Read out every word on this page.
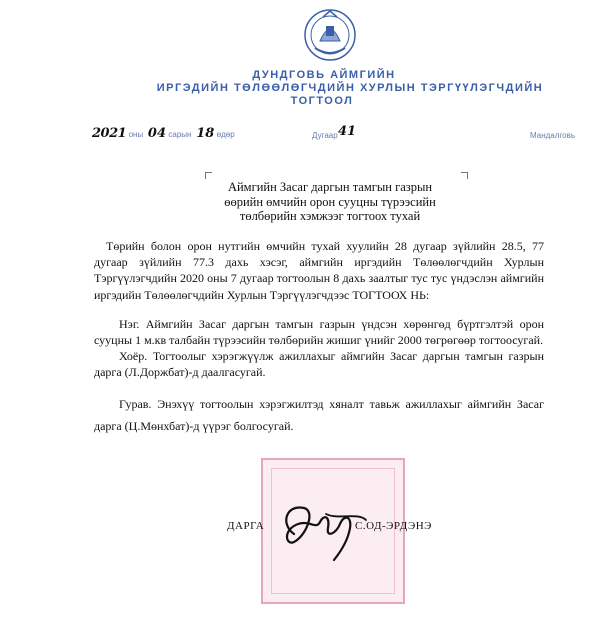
ДУНДГОВЬ АЙМГИЙН
ИРГЭДИЙН ТӨЛӨӨЛӨГЧДИЙН ХУРЛЫН ТЭРГҮҮЛЭГЧДИЙН
ТОГТООЛ
2021 оны 04 сарын 18 өдөр	Дугаар 41	Мандалговь
Аймгийн Засаг даргын тамгын газрын
өөрийн өмчийн орон сууцны түрээсийн
төлбөрийн хэмжээг тогтоох тухай
Төрийн болон орон нутгийн өмчийн тухай хуулийн 28 дугаар зүйлийн 28.5, 77 дугаар зүйлийн 77.3 дахь хэсэг, аймгийн иргэдийн Төлөөлөгчдийн Хурлын Тэргүүлэгчдийн 2020 оны 7 дугаар тогтоолын 8 дахь заалтыг тус тус үндэслэн аймгийн иргэдийн Төлөөлөгчдийн Хурлын Тэргүүлэгчдээс ТОГТООХ НЬ:
Нэг. Аймгийн Засаг даргын тамгын газрын үндсэн хөрөнгөд бүртгэлтэй орон сууцны 1 м.кв талбайн түрээсийн төлбөрийн жишиг үнийг 2000 төгрөгөөр тогтоосугай.
Хоёр. Тогтоолыг хэрэгжүүлж ажиллахыг аймгийн Засаг даргын тамгын газрын дарга (Л.Доржбат)-д даалгасугай.
Гурав. Энэхүү тогтоолын хэрэгжилтэд хяналт тавьж ажиллахыг аймгийн Засаг дарга (Ц.Мөнхбат)-д үүрэг болгосугай.
ДАРГА	С.ОД-ЭРДЭНЭ
